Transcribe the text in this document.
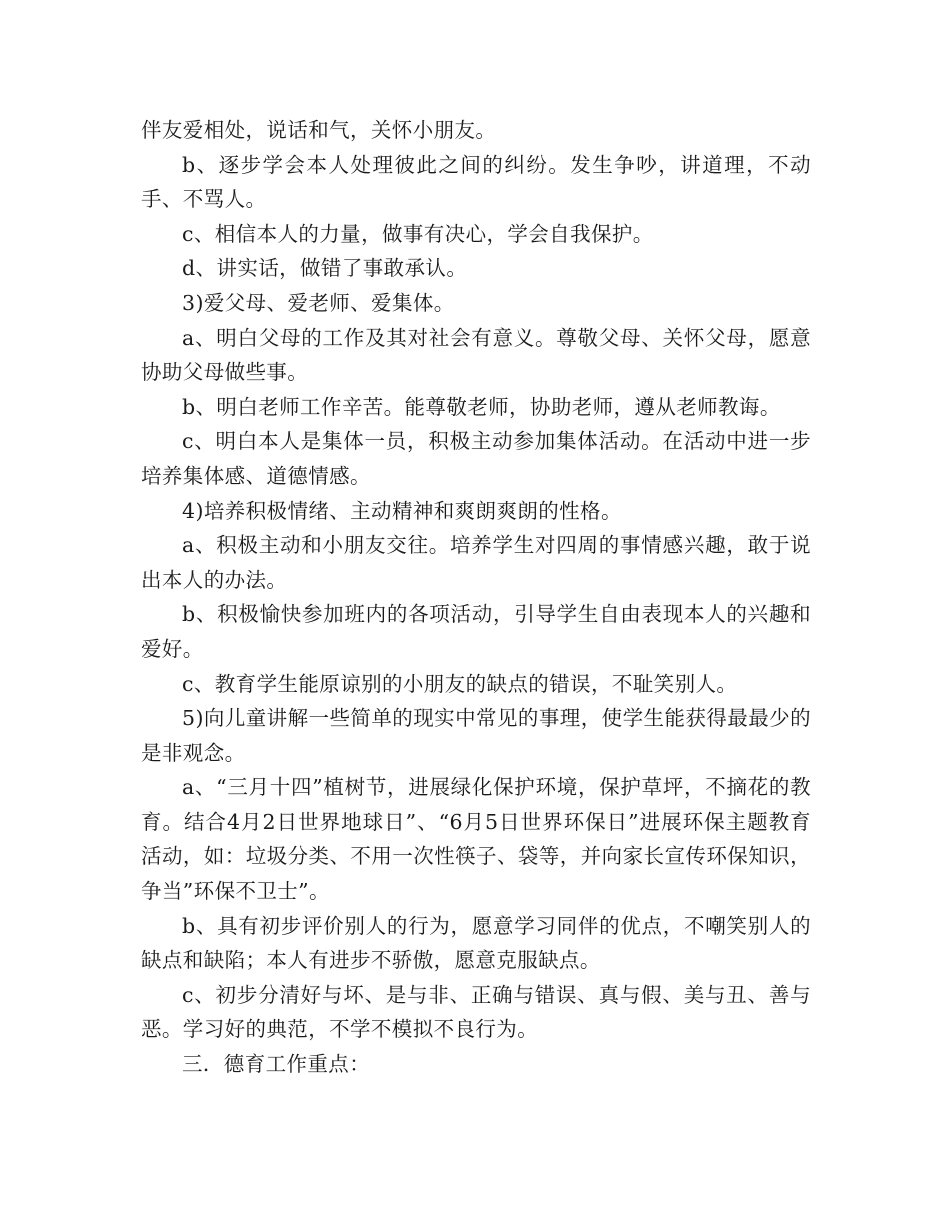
伴友爱相处，说话和气，关怀小朋友。

b、逐步学会本人处理彼此之间的纠纷。发生争吵，讲道理，不动手、不骂人。

c、相信本人的力量，做事有决心，学会自我保护。

d、讲实话，做错了事敢承认。

3)爱父母、爱老师、爱集体。

a、明白父母的工作及其对社会有意义。尊敬父母、关怀父母，愿意协助父母做些事。

b、明白老师工作辛苦。能尊敬老师，协助老师，遵从老师教诲。

c、明白本人是集体一员，积极主动参加集体活动。在活动中进一步培养集体感、道德情感。

4)培养积极情绪、主动精神和爽朗爽朗的性格。

a、积极主动和小朋友交往。培养学生对四周的事情感兴趣，敢于说出本人的办法。

b、积极愉快参加班内的各项活动，引导学生自由表现本人的兴趣和爱好。

c、教育学生能原谅别的小朋友的缺点的错误，不耻笑别人。

5)向儿童讲解一些简单的现实中常见的事理，使学生能获得最最少的是非观念。

a、“三月十四”植树节，进展绿化保护环境，保护草坪，不摘花的教育。结合4月2日世界地球日”、“6月5日世界环保日”进展环保主题教育活动，如：垃圾分类、不用一次性筷子、袋等，并向家长宣传环保知识，争当”环保不卫士”。

b、具有初步评价别人的行为，愿意学习同伴的优点，不嘲笑别人的缺点和缺陷；本人有进步不骄傲，愿意克服缺点。

c、初步分清好与坏、是与非、正确与错误、真与假、美与丑、善与恶。学习好的典范，不学不模拟不良行为。

三．德育工作重点：
